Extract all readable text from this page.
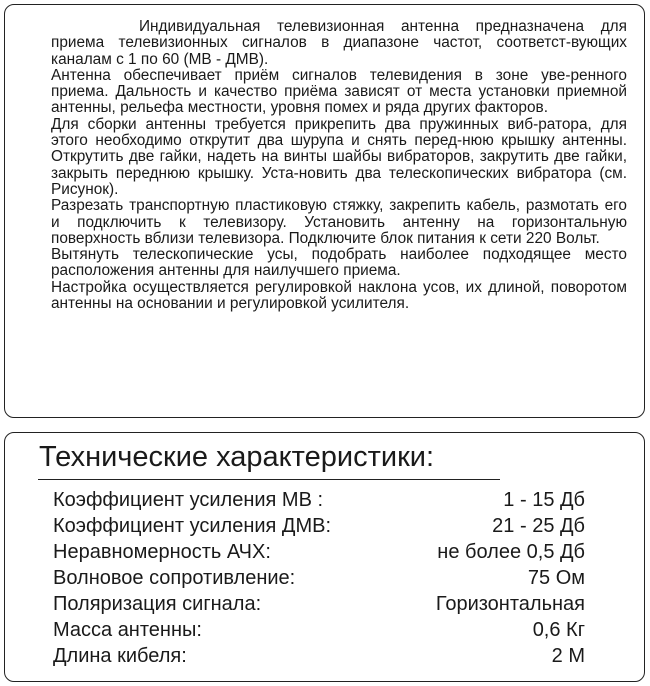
Индивидуальная телевизионная антенна предназначена для приема телевизионных сигналов в диапазоне частот, соответст-вующих каналам с 1 по 60 (МВ - ДМВ).

Антенна обеспечивает приём сигналов телевидения в зоне уве-ренного приема. Дальность и качество приёма зависят от места установки приемной антенны, рельефа местности, уровня помех и ряда других факторов.

Для сборки антенны требуется прикрепить два пружинных виб-ратора, для этого необходимо открутит два шурупа и снять перед-нюю крышку антенны. Открутить две гайки, надеть на винты шайбы вибраторов, закрутить две гайки, закрыть переднюю крышку. Уста-новить два телескопических вибратора (см. Рисунок).

Разрезать транспортную пластиковую стяжку, закрепить кабель, размотать его и подключить к телевизору. Установить антенну на горизонтальную поверхность вблизи телевизора. Подключите блок питания к сети 220 Вольт.

Вытянуть телескопические усы, подобрать наиболее подходящее место расположения антенны для наилучшего приема.

Настройка осуществляется регулировкой наклона усов, их длиной, поворотом антенны на основании и регулировкой усилителя.

Технические характеристики:
Коэффициент усиления МВ :	1 - 15 Дб
Коэффициент усиления ДМВ:	21 - 25 Дб
Неравномерность АЧХ:	не более 0,5 Дб
Волновое сопротивление:	75 Ом
Поляризация сигнала:	Горизонтальная
Масса антенны:	0,6 Кг
Длина кибеля:	2 М
